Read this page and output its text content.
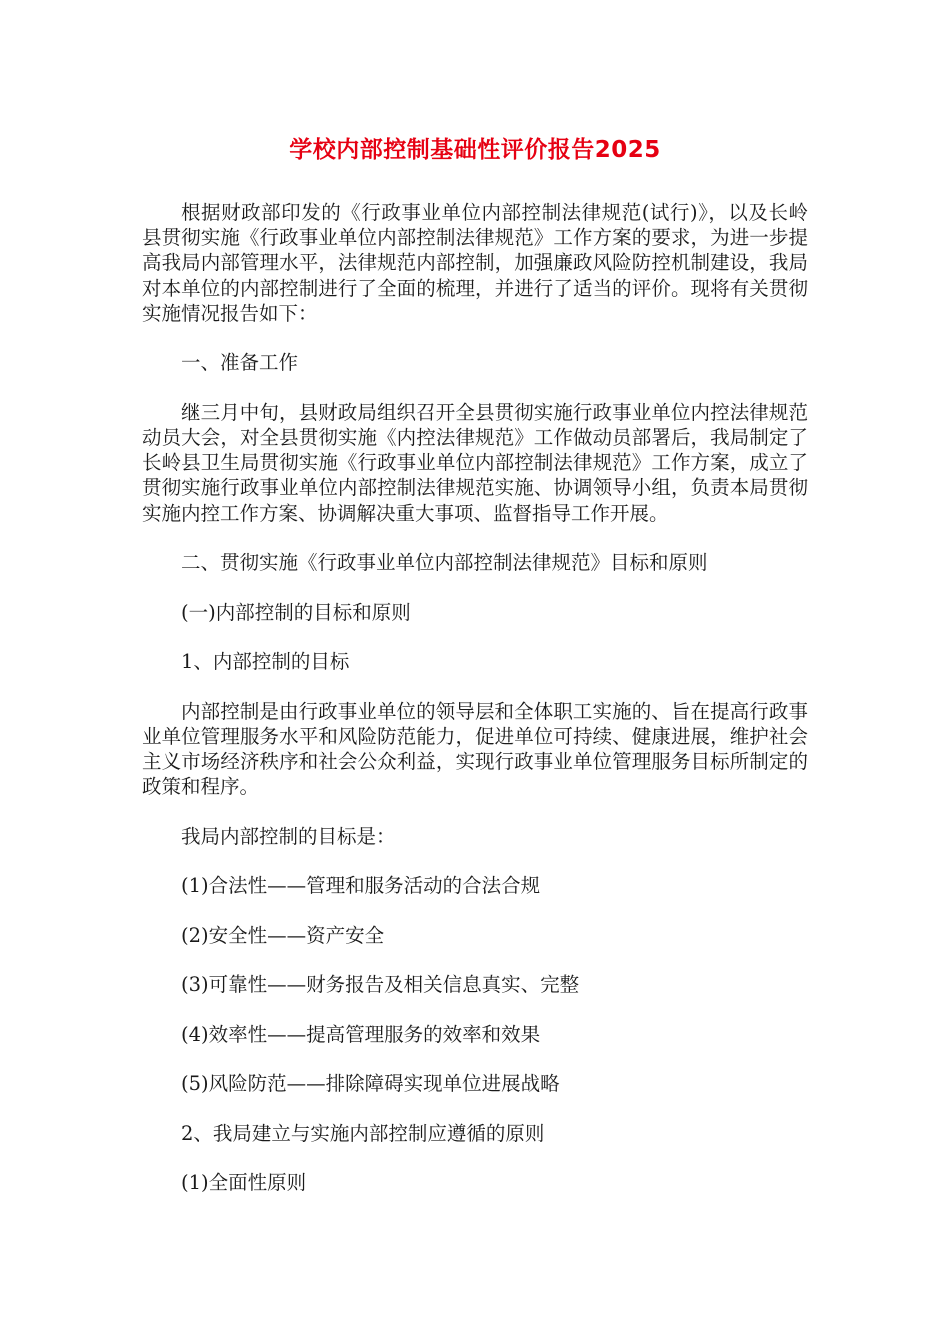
学校内部控制基础性评价报告2025

根据财政部印发的《行政事业单位内部控制法律规范(试行)》，以及长岭县贯彻实施《行政事业单位内部控制法律规范》工作方案的要求，为进一步提高我局内部管理水平，法律规范内部控制，加强廉政风险防控机制建设，我局对本单位的内部控制进行了全面的梳理，并进行了适当的评价。现将有关贯彻实施情况报告如下：

一、准备工作

继三月中旬，县财政局组织召开全县贯彻实施行政事业单位内控法律规范动员大会，对全县贯彻实施《内控法律规范》工作做动员部署后，我局制定了长岭县卫生局贯彻实施《行政事业单位内部控制法律规范》工作方案，成立了贯彻实施行政事业单位内部控制法律规范实施、协调领导小组，负责本局贯彻实施内控工作方案、协调解决重大事项、监督指导工作开展。

二、贯彻实施《行政事业单位内部控制法律规范》目标和原则

(一)内部控制的目标和原则

1、内部控制的目标

内部控制是由行政事业单位的领导层和全体职工实施的、旨在提高行政事业单位管理服务水平和风险防范能力，促进单位可持续、健康进展，维护社会主义市场经济秩序和社会公众利益，实现行政事业单位管理服务目标所制定的政策和程序。

我局内部控制的目标是：

(1)合法性——管理和服务活动的合法合规

(2)安全性——资产安全

(3)可靠性——财务报告及相关信息真实、完整

(4)效率性——提高管理服务的效率和效果

(5)风险防范——排除障碍实现单位进展战略

2、我局建立与实施内部控制应遵循的原则

(1)全面性原则
